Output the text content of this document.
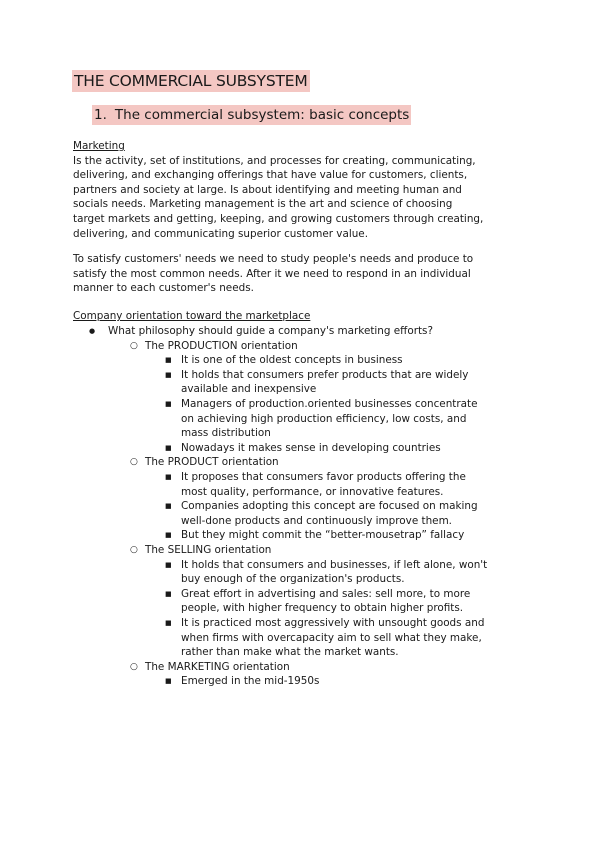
THE COMMERCIAL SUBSYSTEM
1. The commercial subsystem: basic concepts
Marketing
Is the activity, set of institutions, and processes for creating, communicating,
delivering, and exchanging offerings that have value for customers, clients,
partners and society at large. Is about identifying and meeting human and
socials needs. Marketing management is the art and science of choosing
target markets and getting, keeping, and growing customers through creating,
delivering, and communicating superior customer value.
To satisfy customers' needs we need to study people's needs and produce to
satisfy the most common needs. After it we need to respond in an individual
manner to each customer's needs.
Company orientation toward the marketplace
● What philosophy should guide a company's marketing efforts?
○ The PRODUCTION orientation
■ It is one of the oldest concepts in business
■ It holds that consumers prefer products that are widely
available and inexpensive
■ Managers of production.oriented businesses concentrate
on achieving high production efficiency, low costs, and
mass distribution
■ Nowadays it makes sense in developing countries
○ The PRODUCT orientation
■ It proposes that consumers favor products offering the
most quality, performance, or innovative features.
■ Companies adopting this concept are focused on making
well-done products and continuously improve them.
■ But they might commit the “better-mousetrap” fallacy
○ The SELLING orientation
■ It holds that consumers and businesses, if left alone, won't
buy enough of the organization's products.
■ Great effort in advertising and sales: sell more, to more
people, with higher frequency to obtain higher profits.
■ It is practiced most aggressively with unsought goods and
when firms with overcapacity aim to sell what they make,
rather than make what the market wants.
○ The MARKETING orientation
■ Emerged in the mid-1950s
